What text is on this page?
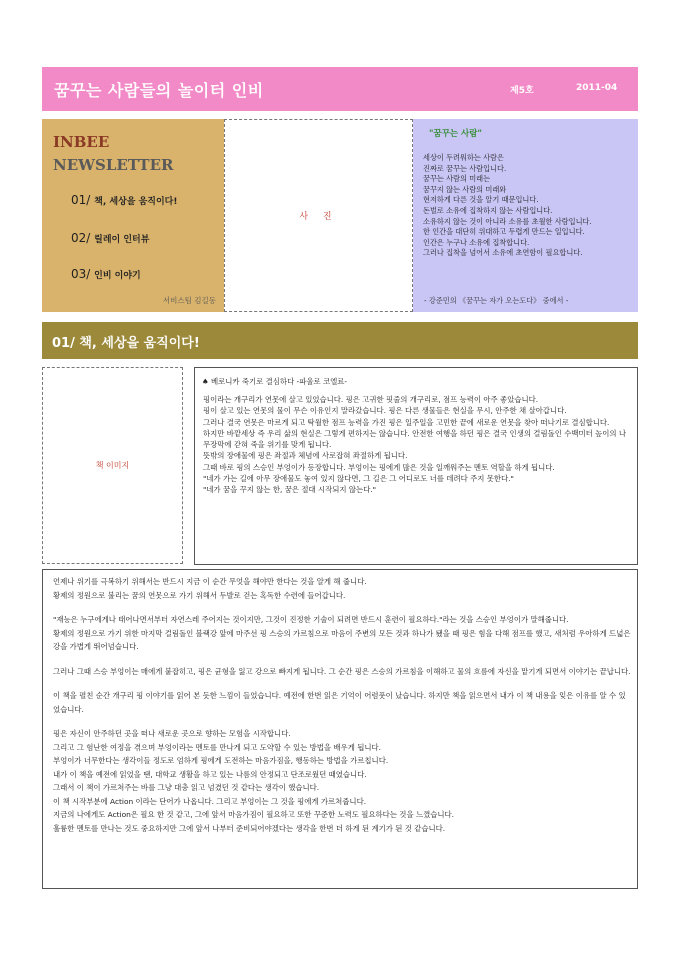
꿈꾸는 사람들의 놀이터 인비	제5호	2011-04
INBEE
NEWSLETTER
01/ 책, 세상을 움직이다!
02/ 릴레이 인터뷰
03/ 인비 이야기
서비스팀 김길동
사 진
"꿈꾸는 사람"
세상이 두려워하는 사람은
진짜로 꿈꾸는 사람입니다.
꿈꾸는 사람의 미래는
꿈꾸지 않는 사람의 미래와
현저하게 다른 것을 알기 때문입니다.
돈벌로 소유에 집착하지 않는 사람입니다.
소유하지 않는 것이 아니라 소유를 초월한 사람입니다.
한 인간을 대단히 위대하고 두렵게 만드는 일입니다.
인간은 누구나 소유에 집착합니다.
그러나 집착을 넘어서 소유에 초연함이 필요합니다.
- 강준민의 《꿈꾸는 자가 오는도다》 중에서 -
01/ 책, 세상을 움직이다!
책 이미지
♠ 베로니카 죽기로 결심하다 -파울로 코엘료-

핑이라는 개구리가 연못에 살고 있었습니다. 핑은 고귀한 핏줄의 개구리로, 점프 능력이 아주 좋았습니다.

핑이 살고 있는 연못의 물이 무슨 이유인지 말라갔습니다. 핑은 다른 생물들은 현실을 무시, 안주한 채 살아갑니다.

그러나 결국 연못은 마르게 되고 탁월한 점프 능력을 가진 핑은 일주일을 고민한 끝에 새로운 연못을 찾아 떠나기로 결심합니다.

하지만 바깥세상 즉 우리 삶의 현실은 그렇게 편하지는 않습니다. 안전한 여행을 하던 핑은 결국 인생의 걸림돌인 수백미터 높이의 나무장막에 갇혀 죽을 위기를 맞게 됩니다.

뜻밖의 장애물에 핑은 좌절과 체념에 사로잡혀 좌절하게 됩니다.

그때 바로 핑의 스승인 부엉이가 등장합니다. 부엉이는 핑에게 많은 것을 일깨워주는 멘토 역할을 하게 됩니다.

"네가 가는 길에 아무 장애물도 놓여 있지 않다면, 그 길은 그 어디로도 너를 데려다 주지 못한다."

"네가 꿈을 꾸지 않는 한, 꿈은 절대 시작되지 않는다."

언제나 위기를 극복하기 위해서는 반드시 지금 이 순간 무엇을 해야만 한다는 것을 알게 해 줍니다.

황제의 정원으로 불리는 꿈의 연못으로 가기 위해서 두발로 걷는 혹독한 수련에 들어갑니다.

"재능은 누구에게나 태어나면서부터 자연스레 주어지는 것이지만, 그것이 진정한 기술이 되려면 반드시 훈련이 필요하다."라는 것을 스승인 부엉이가 말해줍니다.

황제의 정원으로 가기 위한 마지막 걸림돌인 블랙강 앞에 마주선 핑 스승의 가르침으로 마음이 주변의 모든 것과 하나가 됐을 때 핑은 힘을 다해 점프를 했고, 새처럼 우아하게 드넓은 강을 가볍게 뛰어넘습니다.

그러나 그때 스승 부엉이는 매에게 붙잡히고, 핑은 균형을 잃고 강으로 빠지게 됩니다. 그 순간 핑은 스승의 가르침을 이해하고 물의 흐름에 자신을 맡기게 되면서 이야기는 끝납니다.

이 책을 펼친 순간 개구리 핑 이야기를 읽어 본 듯한 느낌이 들었습니다. 예전에 한번 읽은 기억이 어렴풋이 났습니다. 하지만 책을 읽으면서 내가 이 책 내용을 잊은 이유를 알 수 있었습니다.

핑은 자신이 안주하던 곳을 떠나 새로운 곳으로 향하는 모험을 시작합니다.

그리고 그 험난한 여정을 겪으며 부엉이라는 멘토를 만나게 되고 도약할 수 있는 방법을 배우게 됩니다.

부엉이가 너무한다는 생각이들 정도로 엄하게 핑에게 도전하는 마음가짐을, 행동하는 방법을 가르칩니다.

내가 이 책을 예전에 읽었을 땐, 대학교 생활을 하고 있는 나름의 안정되고 단조로웠던 때였습니다.

그래서 이 책이 가르쳐주는 바를 그냥 대충 읽고 넘겼던 것 같다는 생각이 했습니다.

이 책 시작부분에 Action 이라는 단어가 나옵니다. 그리고 부엉이는 그 것을 핑에게 가르쳐줍니다.

지금의 나에게도 Action은 필요 한 것 같고, 그에 앞서 마음가짐이 필요하고 또한 꾸준한 노력도 필요하다는 것을 느꼈습니다.

훌륭한 멘토를 만나는 것도 중요하지만 그에 앞서 나부터 준비되어야겠다는 생각을 한번 더 하게 된 계기가 된 것 같습니다.
